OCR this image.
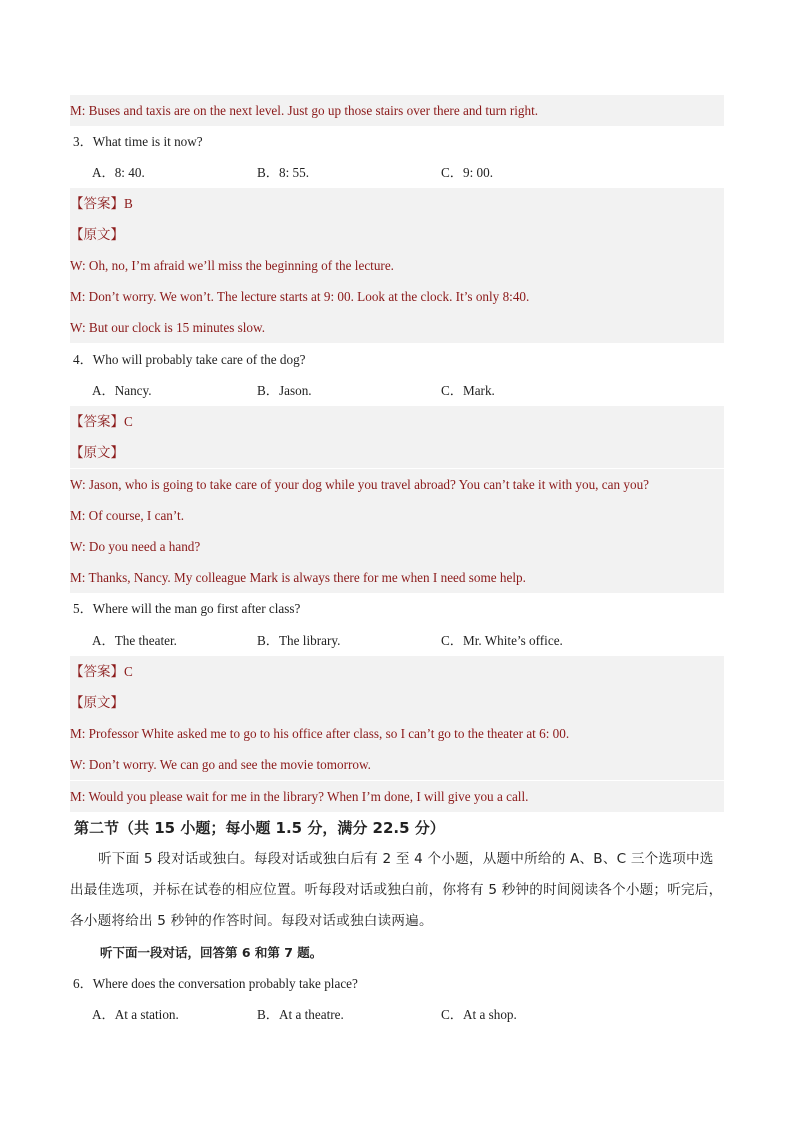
M: Buses and taxis are on the next level. Just go up those stairs over there and turn right.
3．What time is it now?
A．8: 40.	B．8: 55.	C．9: 00.
【答案】B
【原文】
W: Oh, no, I’m afraid we’ll miss the beginning of the lecture.
M: Don’t worry. We won’t. The lecture starts at 9: 00. Look at the clock. It’s only 8:40.
W: But our clock is 15 minutes slow.
4．Who will probably take care of the dog?
A．Nancy.	B．Jason.	C．Mark.
【答案】C
【原文】
W: Jason, who is going to take care of your dog while you travel abroad? You can’t take it with you, can you?
M: Of course, I can’t.
W: Do you need a hand?
M: Thanks, Nancy. My colleague Mark is always there for me when I need some help.
5．Where will the man go first after class?
A．The theater.	B．The library.	C．Mr. White’s office.
【答案】C
【原文】
M: Professor White asked me to go to his office after class, so I can’t go to the theater at 6: 00.
W: Don’t worry. We can go and see the movie tomorrow.
M: Would you please wait for me in the library? When I’m done, I will give you a call.
第二节（共 15 小题；每小题 1.5 分，满分 22.5 分）
听下面 5 段对话或独白。每段对话或独白后有 2 至 4 个小题，从题中所给的 A、B、C 三个选项中选出最佳选项，并标在试卷的相应位置。听每段对话或独白前，你将有 5 秒钟的时间阅读各个小题；听完后，各小题将给出 5 秒钟的作答时间。每段对话或独白读两遍。
听下面一段对话，回答第 6 和第 7 题。
6．Where does the conversation probably take place?
A．At a station.	B．At a theatre.	C．At a shop.
